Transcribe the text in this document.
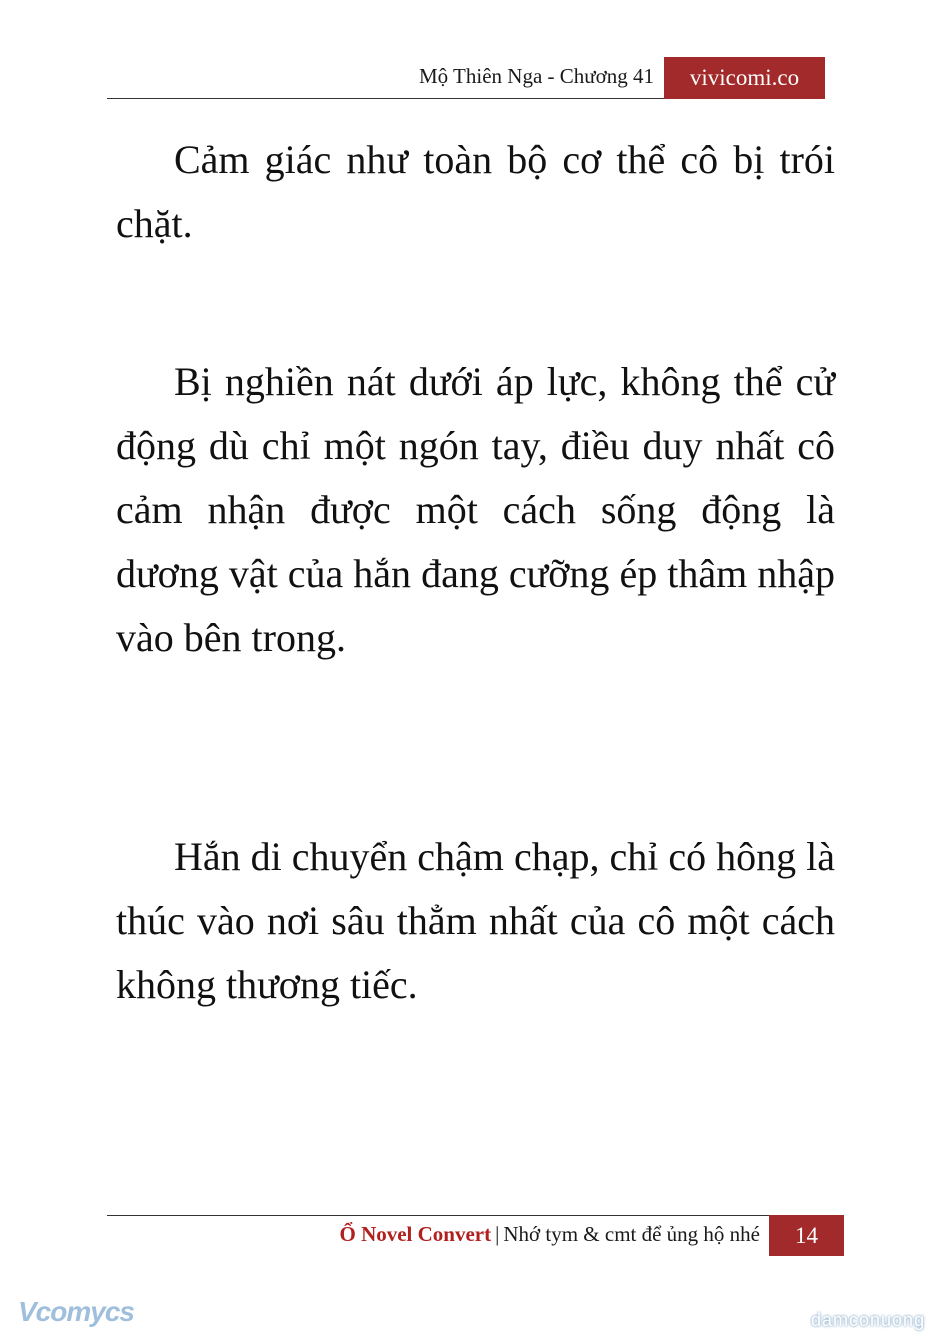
Mộ Thiên Nga - Chương 41	vivicomi.co

Cảm giác như toàn bộ cơ thể cô bị trói chặt.

Bị nghiền nát dưới áp lực, không thể cử động dù chỉ một ngón tay, điều duy nhất cô cảm nhận được một cách sống động là dương vật của hắn đang cưỡng ép thâm nhập vào bên trong.

Hắn di chuyển chậm chạp, chỉ có hông là thúc vào nơi sâu thẳm nhất của cô một cách không thương tiếc.

Ổ Novel Convert | Nhớ tym & cmt để ủng hộ nhé	14
Vcomycs	damconuong
